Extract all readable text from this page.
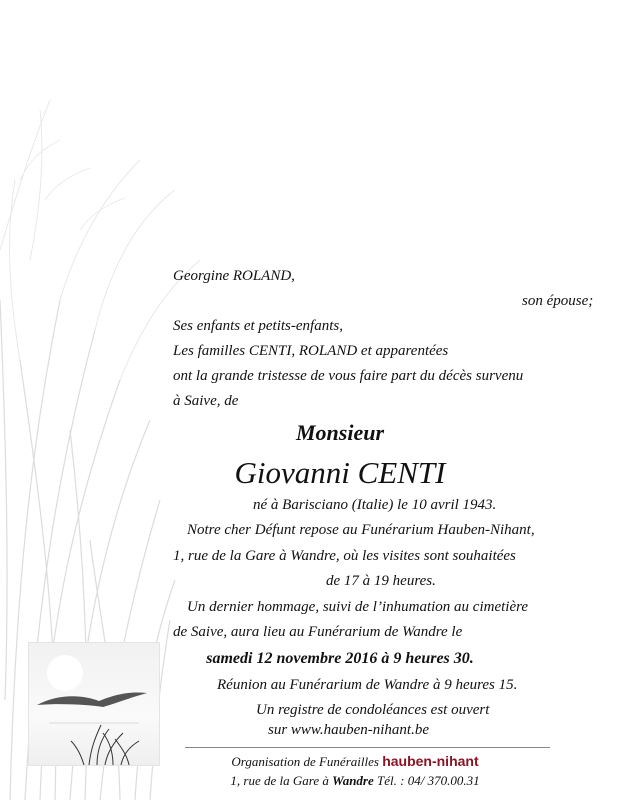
Georgine ROLAND,
son épouse;
Ses enfants et petits-enfants,
Les familles CENTI, ROLAND et apparentées
ont la grande tristesse de vous faire part du décès survenu
à Saive, de
Monsieur
Giovanni CENTI
né à Barisciano (Italie) le 10 avril 1943.
Notre cher Défunt repose au Funérarium Hauben-Nihant,
1, rue de la Gare à Wandre, où les visites sont souhaitées
de 17 à 19 heures.
Un dernier hommage, suivi de l’inhumation au cimetière
de Saive, aura lieu au Funérarium de Wandre le
samedi 12 novembre 2016 à 9 heures 30.
Réunion au Funérarium de Wandre à 9 heures 15.
Un registre de condoléances est ouvert
sur www.hauben-nihant.be
Organisation de Funérailles hauben-nihant
1, rue de la Gare à Wandre Tél. : 04/ 370.00.31
